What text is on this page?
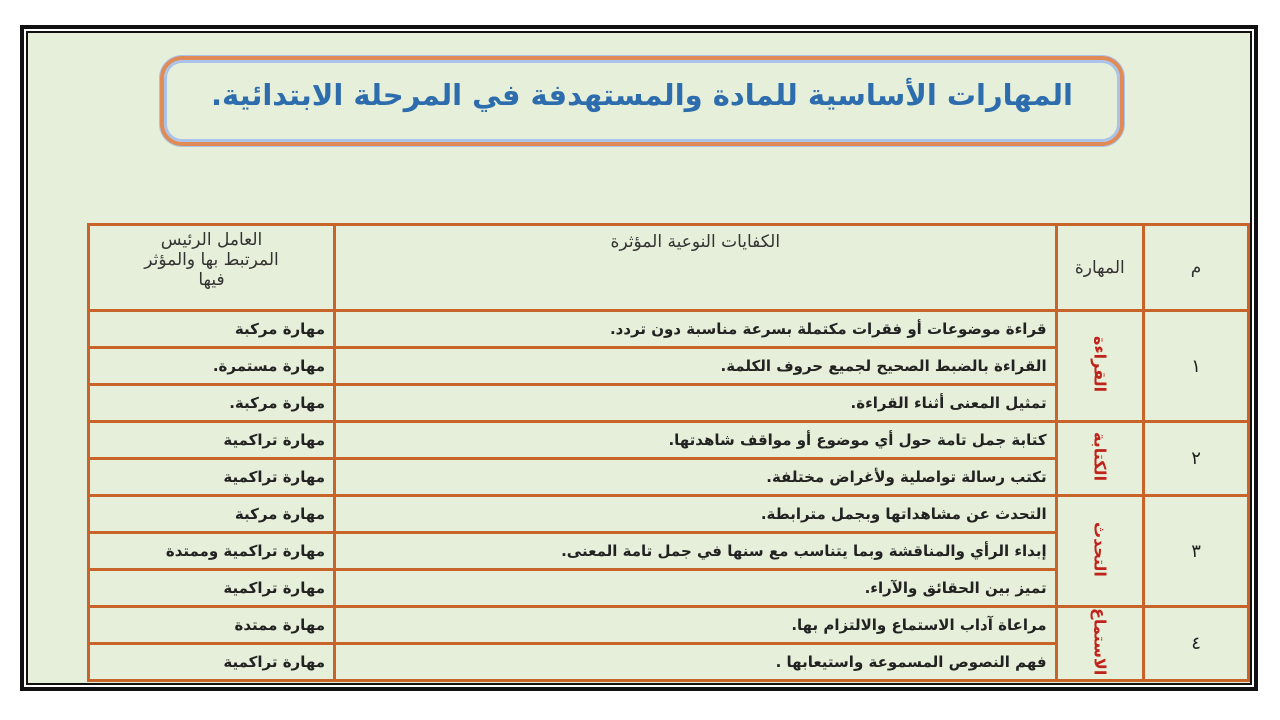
المهارات الأساسية للمادة والمستهدفة في المرحلة الابتدائية.
م	المهارة	الكفايات النوعية المؤثرة	العامل الرئيس
المرتبط بها والمؤثر
فيها

١	القراءة	قراءة موضوعات أو فقرات مكتملة بسرعة مناسبة دون تردد.	مهارة مركبة
		القراءة بالضبط الصحيح لجميع حروف الكلمة.	مهارة مستمرة.
		تمثيل المعنى أثناء القراءة.	مهارة مركبة.
٢	الكتابة	كتابة جمل تامة حول أي موضوع أو مواقف شاهدتها.	مهارة تراكمية
		تكتب رسالة تواصلية ولأغراض مختلفة.	مهارة تراكمية
٣	التحدث	التحدث عن مشاهداتها وبجمل مترابطة.	مهارة مركبة
		إبداء الرأي والمناقشة وبما يتناسب مع سنها في جمل تامة المعنى.	مهارة تراكمية وممتدة
		تميز بين الحقائق والآراء.	مهارة تراكمية
٤	الاستماع	مراعاة آداب الاستماع والالتزام بها.	مهارة ممتدة
		فهم النصوص المسموعة واستيعابها .	مهارة تراكمية
